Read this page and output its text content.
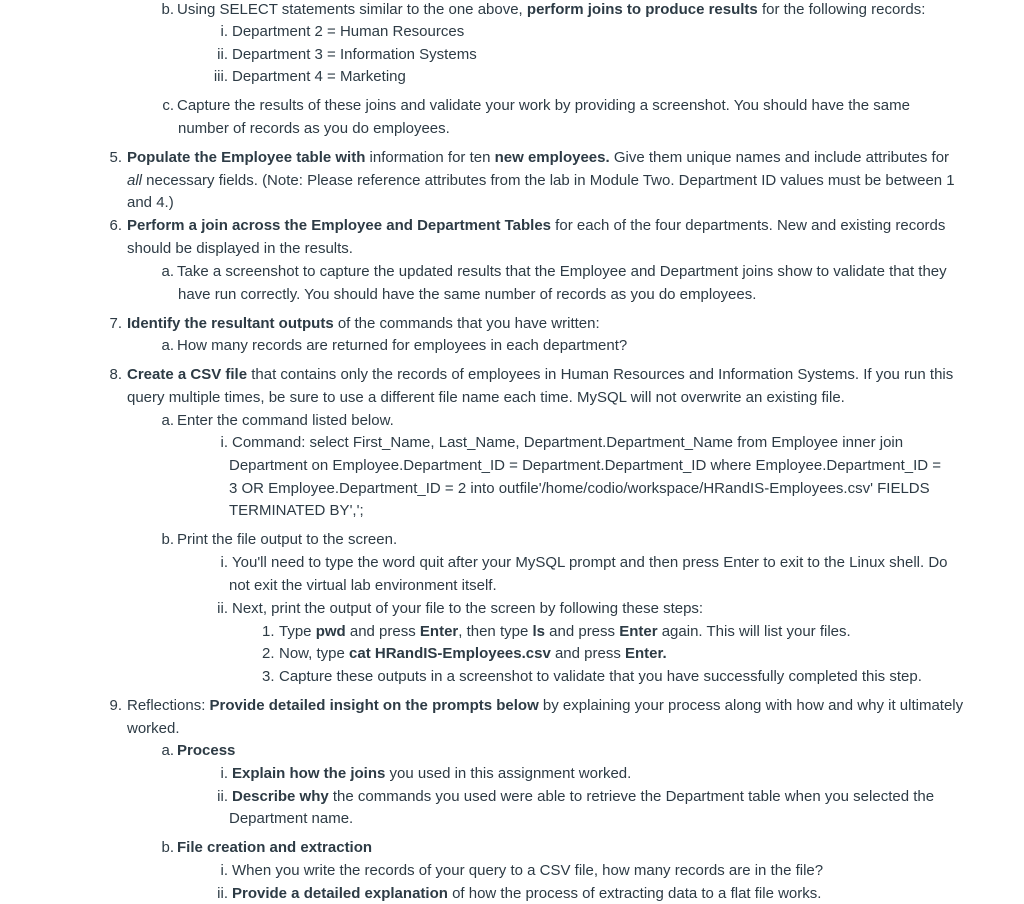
b. Using SELECT statements similar to the one above, perform joins to produce results for the following records:
i. Department 2 = Human Resources
ii. Department 3 = Information Systems
iii. Department 4 = Marketing
c. Capture the results of these joins and validate your work by providing a screenshot. You should have the same
number of records as you do employees.
5. Populate the Employee table with information for ten new employees. Give them unique names and include attributes for
all necessary fields. (Note: Please reference attributes from the lab in Module Two. Department ID values must be between 1
and 4.)
6. Perform a join across the Employee and Department Tables for each of the four departments. New and existing records
should be displayed in the results.
a. Take a screenshot to capture the updated results that the Employee and Department joins show to validate that they
have run correctly. You should have the same number of records as you do employees.
7. Identify the resultant outputs of the commands that you have written:
a. How many records are returned for employees in each department?
8. Create a CSV file that contains only the records of employees in Human Resources and Information Systems. If you run this
query multiple times, be sure to use a different file name each time. MySQL will not overwrite an existing file.
a. Enter the command listed below.
i. Command: select First_Name, Last_Name, Department.Department_Name from Employee inner join
Department on Employee.Department_ID = Department.Department_ID where Employee.Department_ID =
3 OR Employee.Department_ID = 2 into outfile'/home/codio/workspace/HRandIS-Employees.csv' FIELDS
TERMINATED BY',';
b. Print the file output to the screen.
i. You'll need to type the word quit after your MySQL prompt and then press Enter to exit to the Linux shell. Do
not exit the virtual lab environment itself.
ii. Next, print the output of your file to the screen by following these steps:
1. Type pwd and press Enter, then type ls and press Enter again. This will list your files.
2. Now, type cat HRandIS-Employees.csv and press Enter.
3. Capture these outputs in a screenshot to validate that you have successfully completed this step.
9. Reflections: Provide detailed insight on the prompts below by explaining your process along with how and why it ultimately
worked.
a. Process
i. Explain how the joins you used in this assignment worked.
ii. Describe why the commands you used were able to retrieve the Department table when you selected the
Department name.
b. File creation and extraction
i. When you write the records of your query to a CSV file, how many records are in the file?
ii. Provide a detailed explanation of how the process of extracting data to a flat file works.
